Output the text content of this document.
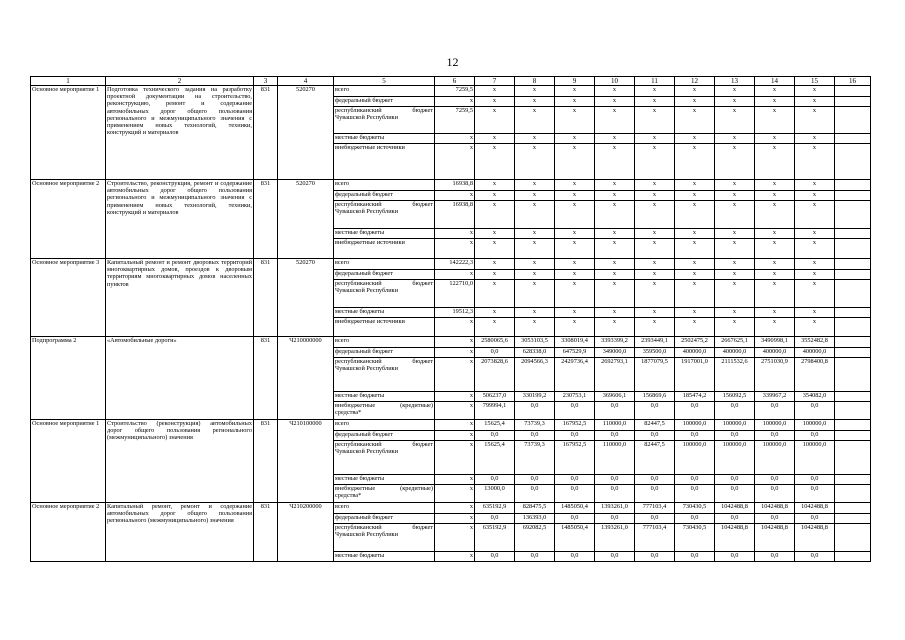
12
1	2	3	4	5	6	7	8	9	10	11	12	13	14	15	16
Основное мероприятие 1	Подготовка технического задания на разработку проектной документации на строительство, реконструкцию, ремонт и содержание автомобильных дорог общего пользования регионального и межмуниципального значения с применением новых технологий, техники, конструкций и материалов	831	520270	всего	7259,5	x	x	x	x	x	x	x	x	x	
				федеральный бюджет	x	x	x	x	x	x	x	x	x	x	
				республиканский бюджет Чувашской Республики	7259,5	x	x	x	x	x	x	x	x	x	
				местные бюджеты	x	x	x	x	x	x	x	x	x	x	
				внебюджетные источники	x	x	x	x	x	x	x	x	x	x	
Основное мероприятие 2	Строительство, реконструкция, ремонт и содержание автомобильных дорог общего пользования регионального и межмуниципального значения с применением новых технологий, техники, конструкций и материалов	831	520270	всего	16938,8	x	x	x	x	x	x	x	x	x	
				федеральный бюджет	x	x	x	x	x	x	x	x	x	x	
				республиканский бюджет Чувашской Республики	16938,8	x	x	x	x	x	x	x	x	x	
				местные бюджеты	x	x	x	x	x	x	x	x	x	x	
				внебюджетные источники	x	x	x	x	x	x	x	x	x	x	
Основное мероприятие 3	Капитальный ремонт и ремонт дворовых территорий многоквартирных домов, проездов к дворовым территориям многоквартирных домов населенных пунктов	831	520270	всего	142222,3	x	x	x	x	x	x	x	x	x	
				федеральный бюджет	x	x	x	x	x	x	x	x	x	x	
				республиканский бюджет Чувашской Республики	122710,0	x	x	x	x	x	x	x	x	x	
				местные бюджеты	19512,3	x	x	x	x	x	x	x	x	x	
				внебюджетные источники	x	x	x	x	x	x	x	x	x	x	
Подпрограмма 2	«Автомобильные дороги»	831	Ч210000000	всего	x	2580065,6	3053103,5	3308019,4	3393399,2	2393449,1	2502475,2	2667625,1	3490998,1	3552482,8	
				федеральный бюджет	x	0,0	628338,0	647529,9	349000,0	359500,0	400000,0	400000,0	400000,0	400000,0	
				республиканский бюджет Чувашской Республики	x	2073828,6	2094566,3	2429736,4	2692793,1	1877079,5	1917001,0	2111532,6	2751030,9	2798400,8	
				местные бюджеты	x	506237,0	330199,2	230753,1	369606,1	156869,6	185474,2	156092,5	339967,2	354082,0	
				внебюджетные (кредитные) средства*	x	799994,1	0,0	0,0	0,0	0,0	0,0	0,0	0,0	0,0	
Основное мероприятие 1	Строительство (реконструкция) автомобильных дорог общего пользования регионального (межмуниципального) значения	831	Ч210100000	всего	x	15625,4	73739,3	167952,5	110000,0	82447,5	100000,0	100000,0	100000,0	100000,0	
				федеральный бюджет	x	0,0	0,0	0,0	0,0	0,0	0,0	0,0	0,0	0,0	
				республиканский бюджет Чувашской Республики	x	15625,4	73739,3	167952,5	110000,0	82447,5	100000,0	100000,0	100000,0	100000,0	
				местные бюджеты	x	0,0	0,0	0,0	0,0	0,0	0,0	0,0	0,0	0,0	
				внебюджетные (кредитные) средства*	x	13000,0	0,0	0,0	0,0	0,0	0,0	0,0	0,0	0,0	
Основное мероприятие 2	Капитальный ремонт, ремонт и содержание автомобильных дорог общего пользования регионального (межмуниципального) значения	831	Ч210200000	всего	x	635192,9	828475,5	1485050,4	1393261,0	777103,4	730430,5	1042488,8	1042488,8	1042488,8	
				федеральный бюджет	x	0,0	136393,0	0,0	0,0	0,0	0,0	0,0	0,0	0,0	
				республиканский бюджет Чувашской Республики	x	635192,9	692082,5	1485050,4	1393261,0	777103,4	730430,5	1042488,8	1042488,8	1042488,8	
				местные бюджеты	x	0,0	0,0	0,0	0,0	0,0	0,0	0,0	0,0	0,0	
